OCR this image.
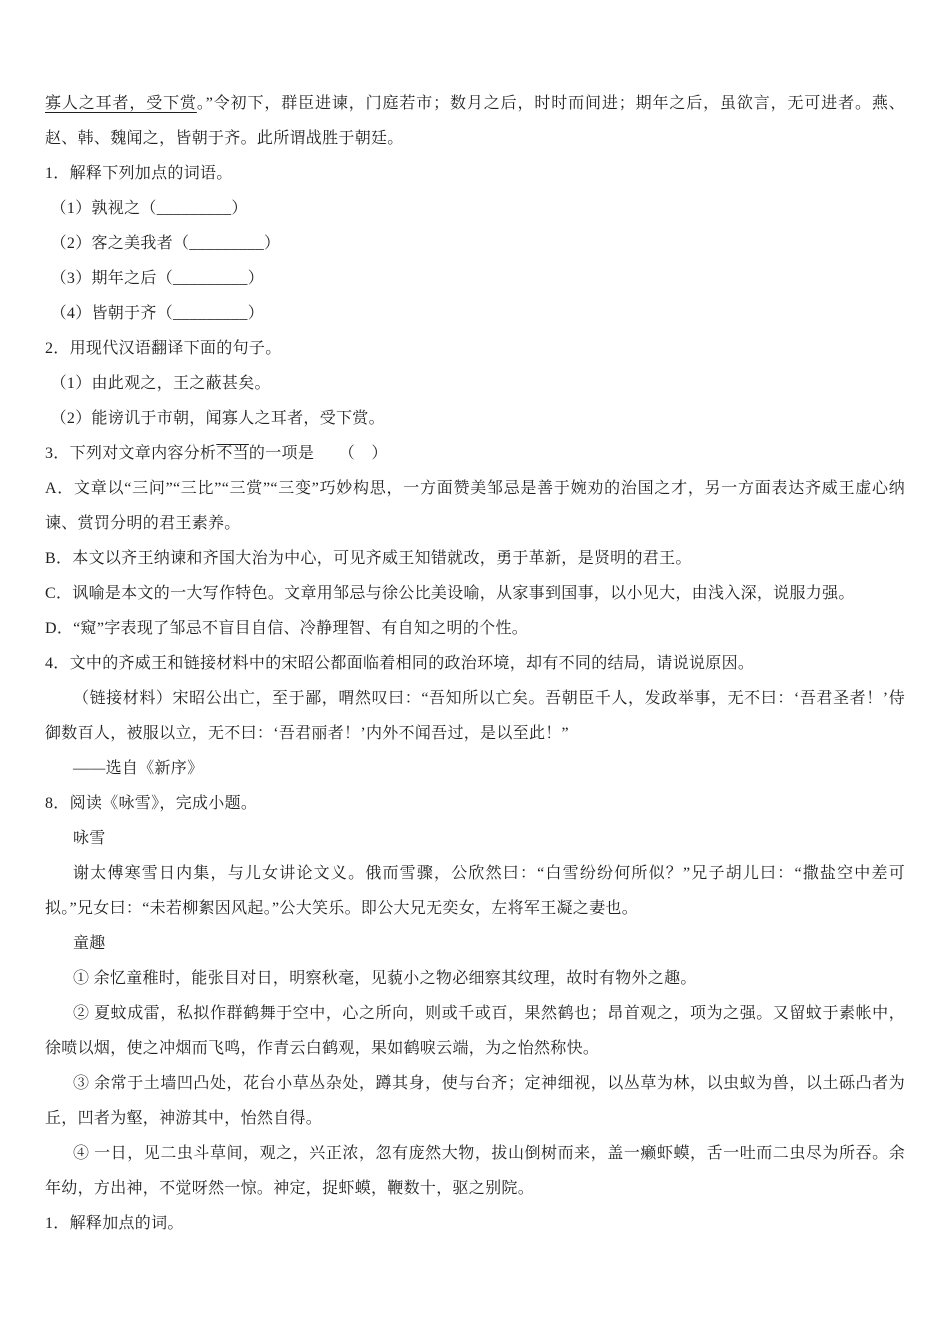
寡人之耳者，受下赏。”令初下，群臣进谏，门庭若市；数月之后，时时而间进；期年之后，虽欲言，无可进者。燕、赵、韩、魏闻之，皆朝于齐。此所谓战胜于朝廷。

1．解释下列加点的词语。

（1）孰视之（_________）

（2）客之美我者（_________）

（3）期年之后（_________）

（4）皆朝于齐（_________）

2．用现代汉语翻译下面的句子。

（1）由此观之，王之蔽甚矣。

（2）能谤讥于市朝，闻寡人之耳者，受下赏。

3．下列对文章内容分析不当的一项是　　（　）

A．文章以“三问”“三比”“三赏”“三变”巧妙构思，一方面赞美邹忌是善于婉劝的治国之才，另一方面表达齐威王虚心纳谏、赏罚分明的君王素养。

B．本文以齐王纳谏和齐国大治为中心，可见齐威王知错就改，勇于革新，是贤明的君王。

C．讽喻是本文的一大写作特色。文章用邹忌与徐公比美设喻，从家事到国事，以小见大，由浅入深，说服力强。

D．“窥”字表现了邹忌不盲目自信、冷静理智、有自知之明的个性。

4．文中的齐威王和链接材料中的宋昭公都面临着相同的政治环境，却有不同的结局，请说说原因。

（链接材料）宋昭公出亡，至于鄙，喟然叹曰：“吾知所以亡矣。吾朝臣千人，发政举事，无不曰：‘吾君圣者！’侍御数百人，被服以立，无不曰：‘吾君丽者！’内外不闻吾过，是以至此！”

——选自《新序》

8．阅读《咏雪》，完成小题。

咏雪

谢太傅寒雪日内集，与儿女讲论文义。俄而雪骤，公欣然曰：“白雪纷纷何所似？”兄子胡儿曰：“撒盐空中差可拟。”兄女曰：“未若柳絮因风起。”公大笑乐。即公大兄无奕女，左将军王凝之妻也。

童趣

① 余忆童稚时，能张目对日，明察秋毫，见藐小之物必细察其纹理，故时有物外之趣。

② 夏蚊成雷，私拟作群鹤舞于空中，心之所向，则或千或百，果然鹤也；昂首观之，项为之强。又留蚊于素帐中，徐喷以烟，使之冲烟而飞鸣，作青云白鹤观，果如鹤唳云端，为之怡然称快。

③ 余常于土墙凹凸处，花台小草丛杂处，蹲其身，使与台齐；定神细视，以丛草为林，以虫蚁为兽，以土砾凸者为丘，凹者为壑，神游其中，怡然自得。

④ 一日，见二虫斗草间，观之，兴正浓，忽有庞然大物，拔山倒树而来，盖一癞虾蟆，舌一吐而二虫尽为所吞。余年幼，方出神，不觉呀然一惊。神定，捉虾蟆，鞭数十，驱之别院。

1．解释加点的词。
